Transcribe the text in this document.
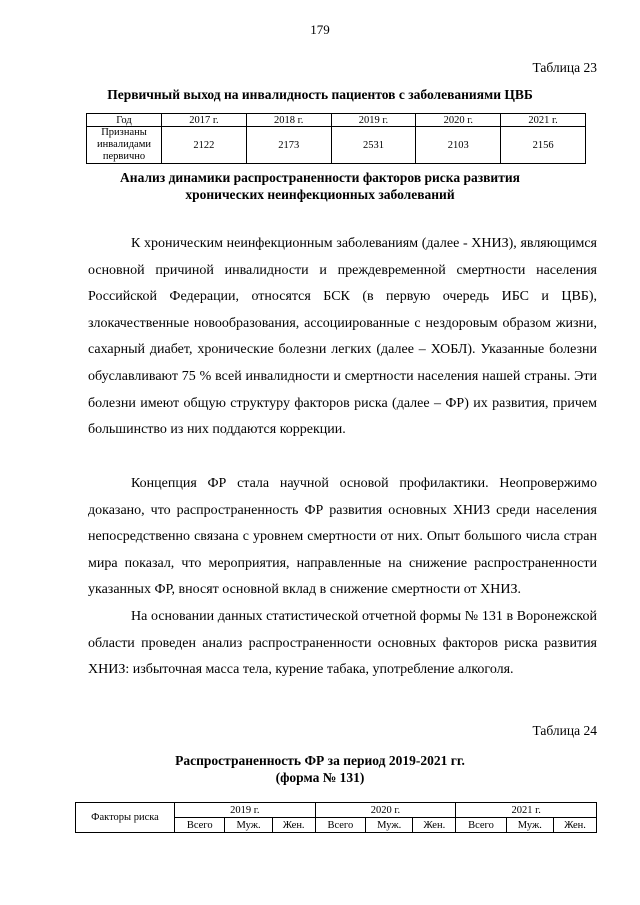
179
Таблица 23
Первичный выход на инвалидность пациентов с заболеваниями ЦВБ
Год	2017 г.	2018 г.	2019 г.	2020 г.	2021 г.
Признаны инвалидами первично	2122	2173	2531	2103	2156
Анализ динамики распространенности факторов риска развития
хронических неинфекционных заболеваний

К хроническим неинфекционным заболеваниям (далее - ХНИЗ), являющимся основной причиной инвалидности и преждевременной смертности населения Российской Федерации, относятся БСК (в первую очередь ИБС и ЦВБ), злокачественные новообразования, ассоциированные с нездоровым образом жизни, сахарный диабет, хронические болезни легких (далее – ХОБЛ). Указанные болезни обуславливают 75 % всей инвалидности и смертности населения нашей страны. Эти болезни имеют общую структуру факторов риска (далее – ФР) их развития, причем большинство из них поддаются коррекции.

Концепция ФР стала научной основой профилактики. Неопровержимо доказано, что распространенность ФР развития основных ХНИЗ среди населения непосредственно связана с уровнем смертности от них. Опыт большого числа стран мира показал, что мероприятия, направленные на снижение распространенности указанных ФР, вносят основной вклад в снижение смертности от ХНИЗ.

На основании данных статистической отчетной формы № 131 в Воронежской области проведен анализ распространенности основных факторов риска развития ХНИЗ: избыточная масса тела, курение табака, употребление алкоголя.

Таблица 24
Распространенность ФР за период 2019-2021 гг.
(форма № 131)
Факторы риска	2019 г.			2020 г.			2021 г.		
	Всего	Муж.	Жен.	Всего	Муж.	Жен.	Всего	Муж.	Жен.
